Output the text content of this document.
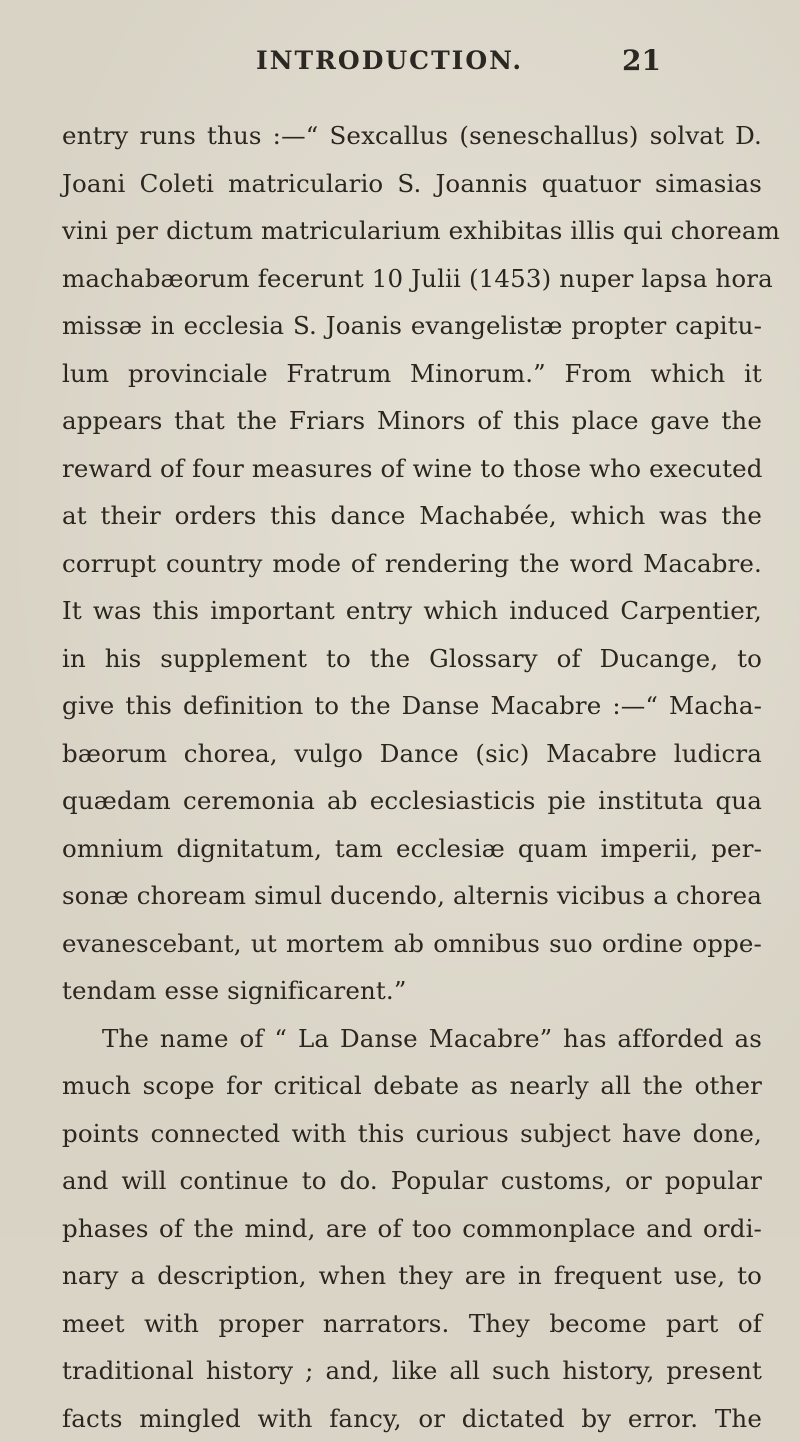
INTRODUCTION.	21
entry runs thus :—“ Sexcallus (seneschallus) solvat D.
Joani Coleti matriculario S. Joannis quatuor simasias
vini per dictum matricularium exhibitas illis qui choream
machabæorum fecerunt 10 Julii (1453) nuper lapsa hora
missæ in ecclesia S. Joanis evangelistæ propter capitu-
lum provinciale Fratrum Minorum.” From which it
appears that the Friars Minors of this place gave the
reward of four measures of wine to those who executed
at their orders this dance Machabée, which was the
corrupt country mode of rendering the word Macabre.
It was this important entry which induced Carpentier,
in his supplement to the Glossary of Ducange, to
give this definition to the Danse Macabre :—“ Macha-
bæorum chorea, vulgo Dance (sic) Macabre ludicra
quædam ceremonia ab ecclesiasticis pie instituta qua
omnium dignitatum, tam ecclesiæ quam imperii, per-
sonæ choream simul ducendo, alternis vicibus a chorea
evanescebant, ut mortem ab omnibus suo ordine oppe-
tendam esse significarent.”
The name of “ La Danse Macabre” has afforded as
much scope for critical debate as nearly all the other
points connected with this curious subject have done,
and will continue to do. Popular customs, or popular
phases of the mind, are of too commonplace and ordi-
nary a description, when they are in frequent use, to
meet with proper narrators. They become part of
traditional history ; and, like all such history, present
facts mingled with fancy, or dictated by error. The
